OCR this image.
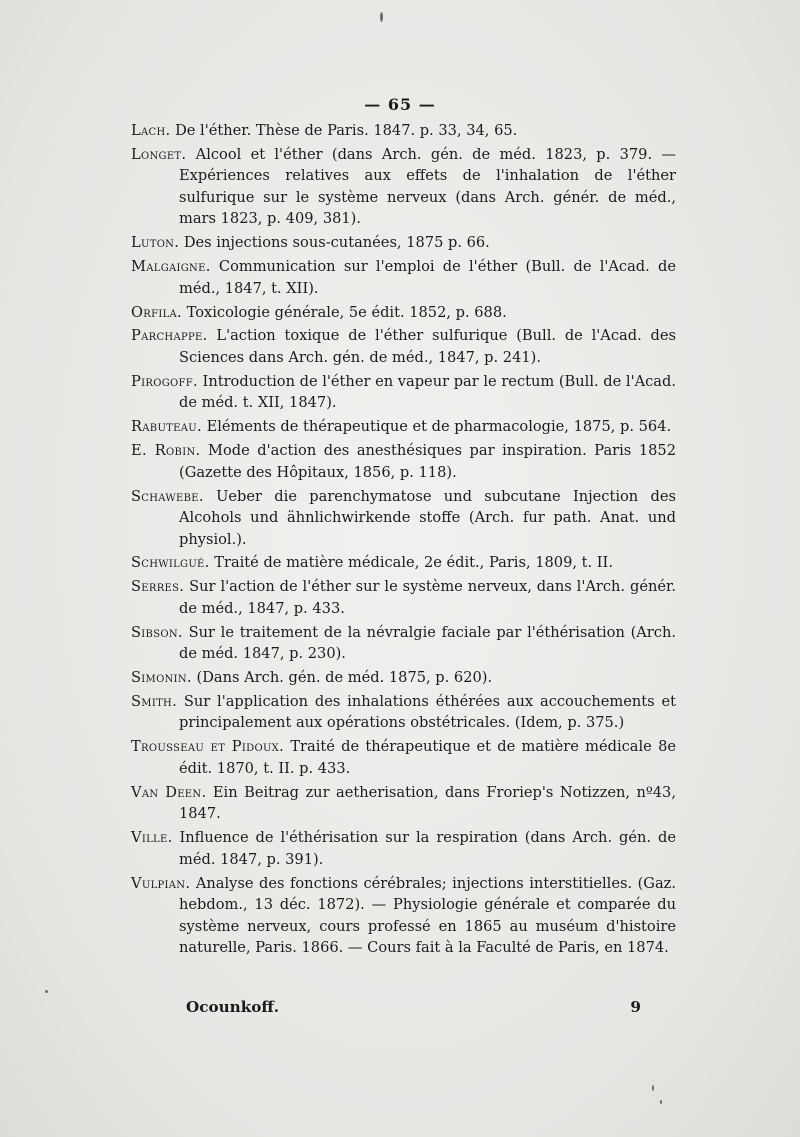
— 65 —

Lach. De l'éther. Thèse de Paris. 1847. p. 33, 34, 65.

Longet. Alcool et l'éther (dans Arch. gén. de méd. 1823, p. 379. — Expériences relatives aux effets de l'inhalation de l'éther sulfurique sur le système nerveux (dans Arch. génér. de méd., mars 1823, p. 409, 381).

Luton. Des injections sous-cutanées, 1875 p. 66.

Malgaigne. Communication sur l'emploi de l'éther (Bull. de l'Acad. de méd., 1847, t. XII).

Orfila. Toxicologie générale, 5e édit. 1852, p. 688.

Parchappe. L'action toxique de l'éther sulfurique (Bull. de l'Acad. des Sciences dans Arch. gén. de méd., 1847, p. 241).

Pirogoff. Introduction de l'éther en vapeur par le rectum (Bull. de l'Acad. de méd. t. XII, 1847).

Rabuteau. Eléments de thérapeutique et de pharmacologie, 1875, p. 564.

E. Robin. Mode d'action des anesthésiques par inspiration. Paris 1852 (Gazette des Hôpitaux, 1856, p. 118).

Schawebe. Ueber die parenchymatose und subcutane Injection des Alcohols und ähnlichwirkende stoffe (Arch. fur path. Anat. und physiol.).

Schwilgué. Traité de matière médicale, 2e édit., Paris, 1809, t. II.

Serres. Sur l'action de l'éther sur le système nerveux, dans l'Arch. génér. de méd., 1847, p. 433.

Sibson. Sur le traitement de la névralgie faciale par l'éthérisation (Arch. de méd. 1847, p. 230).

Simonin. (Dans Arch. gén. de méd. 1875, p. 620).

Smith. Sur l'application des inhalations éthérées aux accouchements et principalement aux opérations obstétricales. (Idem, p. 375.)

Trousseau et Pidoux. Traité de thérapeutique et de matière médicale 8e édit. 1870, t. II. p. 433.

Van Deen. Ein Beitrag zur aetherisation, dans Froriep's Notizzen, nº43, 1847.

Ville. Influence de l'éthérisation sur la respiration (dans Arch. gén. de méd. 1847, p. 391).

Vulpian. Analyse des fonctions cérébrales; injections interstitielles. (Gaz. hebdom., 13 déc. 1872). — Physiologie générale et comparée du système nerveux, cours professé en 1865 au muséum d'histoire naturelle, Paris. 1866. — Cours fait à la Faculté de Paris, en 1874.

Ocounkoff.	9
